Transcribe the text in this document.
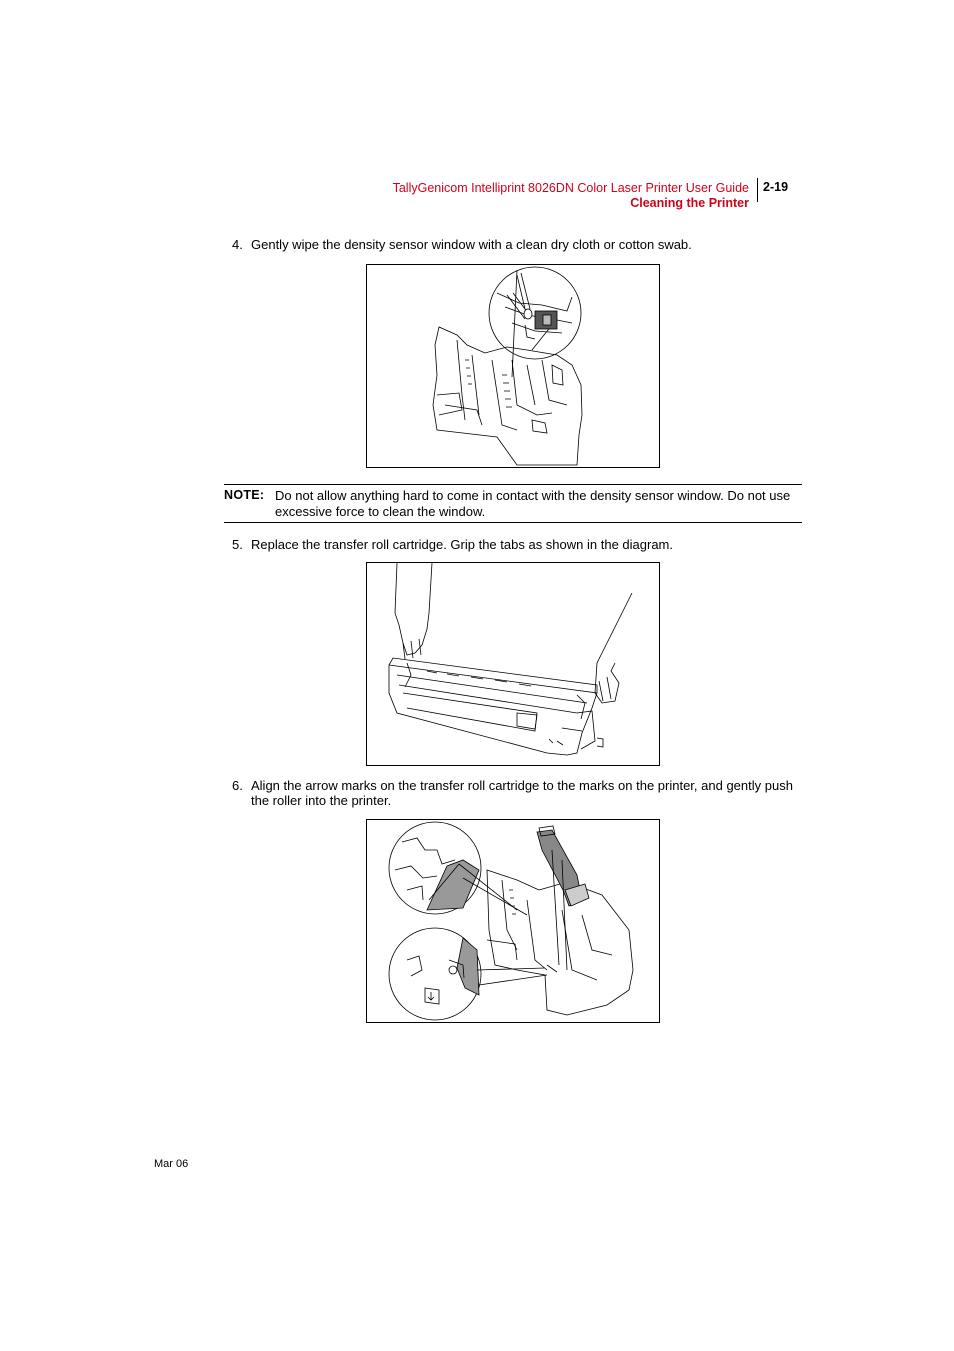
TallyGenicom Intelliprint 8026DN Color Laser Printer User Guide
Cleaning the Printer
2-19
4. Gently wipe the density sensor window with a clean dry cloth or cotton swab.
NOTE: Do not allow anything hard to come in contact with the density sensor window. Do not use excessive force to clean the window.
5. Replace the transfer roll cartridge. Grip the tabs as shown in the diagram.
6. Align the arrow marks on the transfer roll cartridge to the marks on the printer, and gently push the roller into the printer.
Mar 06
